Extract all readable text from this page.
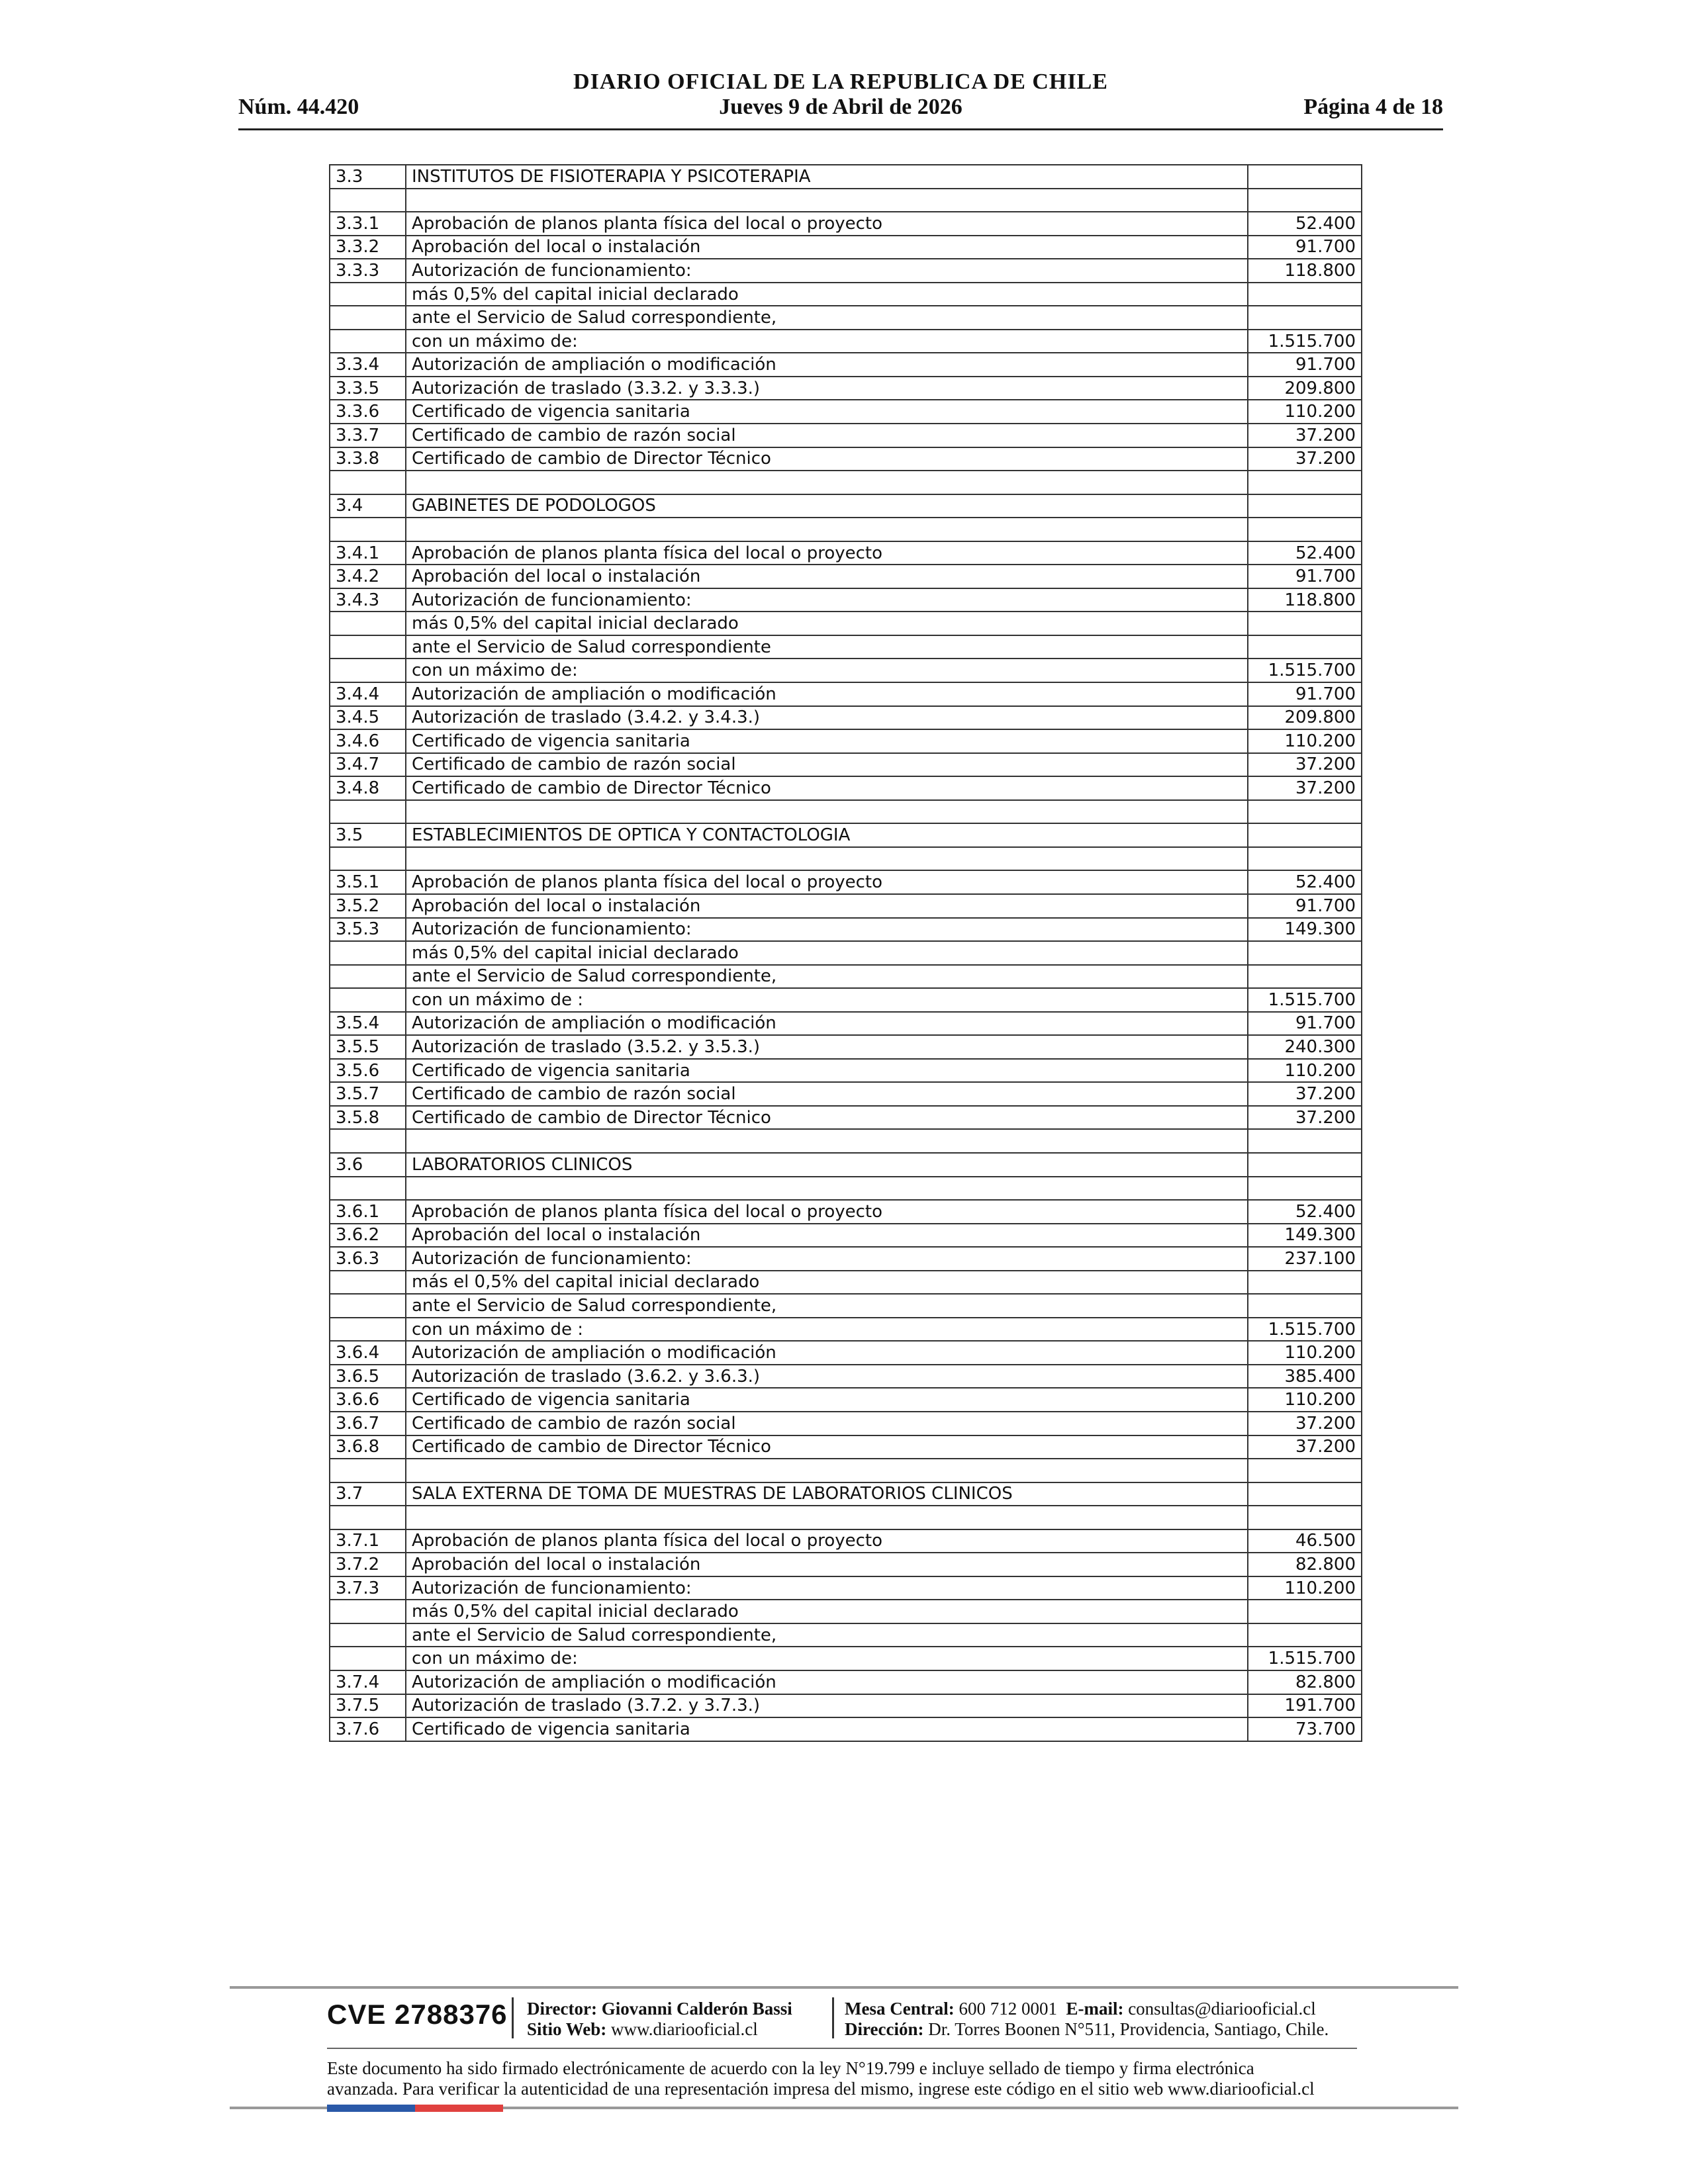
DIARIO OFICIAL DE LA REPUBLICA DE CHILE
Núm. 44.420	Jueves 9 de Abril de 2026	Página 4 de 18
3.3	INSTITUTOS DE FISIOTERAPIA Y PSICOTERAPIA	

3.3.1	Aprobación de planos planta física del local o proyecto	52.400
3.3.2	Aprobación del local o instalación	91.700
3.3.3	Autorización de funcionamiento:	118.800
	más 0,5% del capital inicial declarado	
	ante el Servicio de Salud correspondiente,	
	con un máximo de:	1.515.700
3.3.4	Autorización de ampliación o modificación	91.700
3.3.5	Autorización de traslado (3.3.2. y 3.3.3.)	209.800
3.3.6	Certificado de vigencia sanitaria	110.200
3.3.7	Certificado de cambio de razón social	37.200
3.3.8	Certificado de cambio de Director Técnico	37.200

3.4	GABINETES DE PODOLOGOS	

3.4.1	Aprobación de planos planta física del local o proyecto	52.400
3.4.2	Aprobación del local o instalación	91.700
3.4.3	Autorización de funcionamiento:	118.800
	más 0,5% del capital inicial declarado	
	ante el Servicio de Salud correspondiente	
	con un máximo de:	1.515.700
3.4.4	Autorización de ampliación o modificación	91.700
3.4.5	Autorización de traslado (3.4.2. y 3.4.3.)	209.800
3.4.6	Certificado de vigencia sanitaria	110.200
3.4.7	Certificado de cambio de razón social	37.200
3.4.8	Certificado de cambio de Director Técnico	37.200

3.5	ESTABLECIMIENTOS DE OPTICA Y CONTACTOLOGIA	

3.5.1	Aprobación de planos planta física del local o proyecto	52.400
3.5.2	Aprobación del local o instalación	91.700
3.5.3	Autorización de funcionamiento:	149.300
	más 0,5% del capital inicial declarado	
	ante el Servicio de Salud correspondiente,	
	con un máximo de :	1.515.700
3.5.4	Autorización de ampliación o modificación	91.700
3.5.5	Autorización de traslado (3.5.2. y 3.5.3.)	240.300
3.5.6	Certificado de vigencia sanitaria	110.200
3.5.7	Certificado de cambio de razón social	37.200
3.5.8	Certificado de cambio de Director Técnico	37.200

3.6	LABORATORIOS CLINICOS	

3.6.1	Aprobación de planos planta física del local o proyecto	52.400
3.6.2	Aprobación del local o instalación	149.300
3.6.3	Autorización de funcionamiento:	237.100
	más el 0,5% del capital inicial declarado	
	ante el Servicio de Salud correspondiente,	
	con un máximo de :	1.515.700
3.6.4	Autorización de ampliación o modificación	110.200
3.6.5	Autorización de traslado (3.6.2. y 3.6.3.)	385.400
3.6.6	Certificado de vigencia sanitaria	110.200
3.6.7	Certificado de cambio de razón social	37.200
3.6.8	Certificado de cambio de Director Técnico	37.200

3.7	SALA EXTERNA DE TOMA DE MUESTRAS DE LABORATORIOS CLINICOS	

3.7.1	Aprobación de planos planta física del local o proyecto	46.500
3.7.2	Aprobación del local o instalación	82.800
3.7.3	Autorización de funcionamiento:	110.200
	más 0,5% del capital inicial declarado	
	ante el Servicio de Salud correspondiente,	
	con un máximo de:	1.515.700
3.7.4	Autorización de ampliación o modificación	82.800
3.7.5	Autorización de traslado (3.7.2. y 3.7.3.)	191.700
3.7.6	Certificado de vigencia sanitaria	73.700
CVE 2788376 Director: Giovanni Calderón Bassi
Sitio Web: www.diariooficial.cl
Mesa Central: 600 712 0001 E-mail: consultas@diariooficial.cl
Dirección: Dr. Torres Boonen N°511, Providencia, Santiago, Chile.
Este documento ha sido firmado electrónicamente de acuerdo con la ley N°19.799 e incluye sellado de tiempo y firma electrónica
avanzada. Para verificar la autenticidad de una representación impresa del mismo, ingrese este código en el sitio web www.diariooficial.cl
